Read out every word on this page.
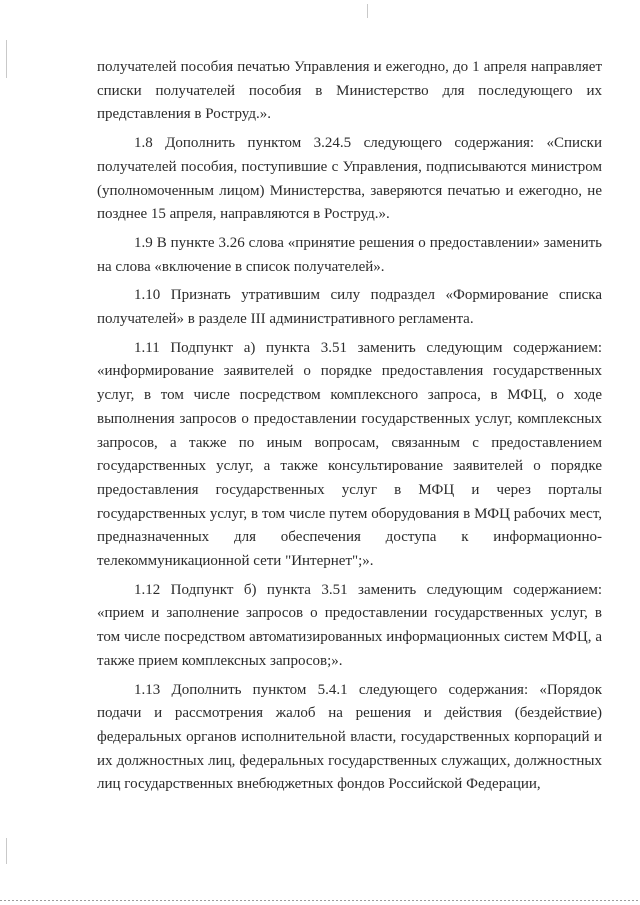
получателей пособия печатью Управления и ежегодно, до 1 апреля направляет списки получателей пособия в Министерство для последующего их представления в Роструд.».

1.8 Дополнить пунктом 3.24.5 следующего содержания: «Списки получателей пособия, поступившие с Управления, подписываются министром (уполномоченным лицом) Министерства, заверяются печатью и ежегодно, не позднее 15 апреля, направляются в Роструд.».

1.9 В пункте 3.26 слова «принятие решения о предоставлении» заменить на слова «включение в список получателей».

1.10 Признать утратившим силу подраздел «Формирование списка получателей» в разделе III административного регламента.

1.11 Подпункт а) пункта 3.51 заменить следующим содержанием: «информирование заявителей о порядке предоставления государственных услуг, в том числе посредством комплексного запроса, в МФЦ, о ходе выполнения запросов о предоставлении государственных услуг, комплексных запросов, а также по иным вопросам, связанным с предоставлением государственных услуг, а также консультирование заявителей о порядке предоставления государственных услуг в МФЦ и через порталы государственных услуг, в том числе путем оборудования в МФЦ рабочих мест, предназначенных для обеспечения доступа к информационно-телекоммуникационной сети "Интернет";».

1.12 Подпункт б) пункта 3.51 заменить следующим содержанием: «прием и заполнение запросов о предоставлении государственных услуг, в том числе посредством автоматизированных информационных систем МФЦ, а также прием комплексных запросов;».

1.13 Дополнить пунктом 5.4.1 следующего содержания: «Порядок подачи и рассмотрения жалоб на решения и действия (бездействие) федеральных органов исполнительной власти, государственных корпораций и их должностных лиц, федеральных государственных служащих, должностных лиц государственных внебюджетных фондов Российской Федерации,
